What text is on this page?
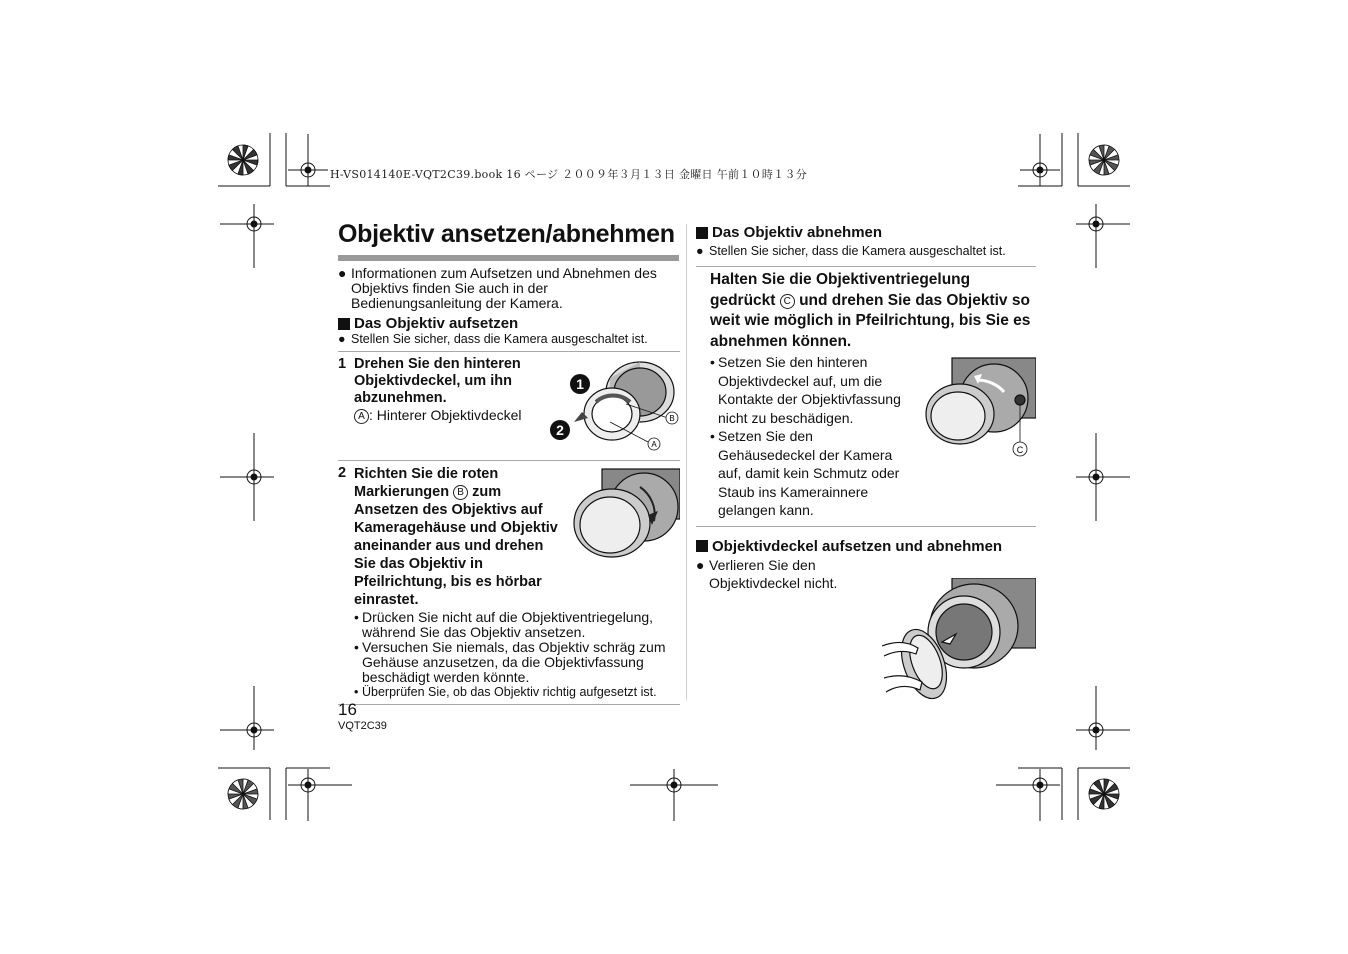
H-VS014140E-VQT2C39.book 16 ページ ２００９年３月１３日 金曜日 午前１０時１３分
Objektiv ansetzen/abnehmen
● Informationen zum Aufsetzen und Abnehmen des Objektivs finden Sie auch in der Bedienungsanleitung der Kamera.
Das Objektiv aufsetzen
● Stellen Sie sicher, dass die Kamera ausgeschaltet ist.
1 Drehen Sie den hinteren Objektivdeckel, um ihn abzunehmen.
A : Hinterer Objektivdeckel
1
2
A
B
2 Richten Sie die roten Markierungen B zum Ansetzen des Objektivs auf Kameragehäuse und Objektiv aneinander aus und drehen Sie das Objektiv in Pfeilrichtung, bis es hörbar einrastet.
• Drücken Sie nicht auf die Objektiventriegelung, während Sie das Objektiv ansetzen.
• Versuchen Sie niemals, das Objektiv schräg zum Gehäuse anzusetzen, da die Objektivfassung beschädigt werden könnte.
• Überprüfen Sie, ob das Objektiv richtig aufgesetzt ist.
Das Objektiv abnehmen
● Stellen Sie sicher, dass die Kamera ausgeschaltet ist.
Halten Sie die Objektiventriegelung gedrückt C und drehen Sie das Objektiv so weit wie möglich in Pfeilrichtung, bis Sie es abnehmen können.
C
• Setzen Sie den hinteren Objektivdeckel auf, um die Kontakte der Objektivfassung nicht zu beschädigen.
• Setzen Sie den Gehäusedeckel der Kamera auf, damit kein Schmutz oder Staub ins Kamerainnere gelangen kann.
Objektivdeckel aufsetzen und abnehmen
● Verlieren Sie den Objektivdeckel nicht.
16
VQT2C39
